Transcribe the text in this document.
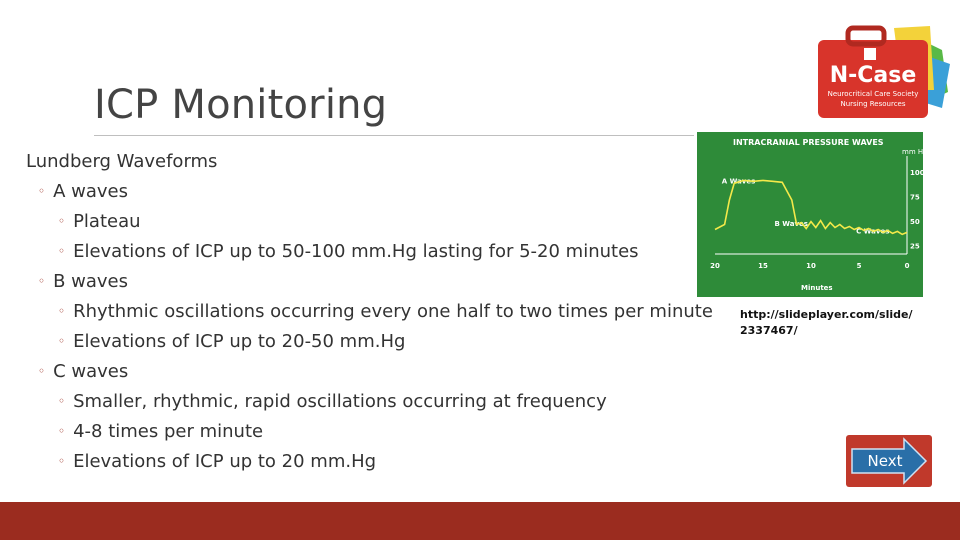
ICP Monitoring
Lundberg Waveforms
◦ A waves
◦ Plateau
◦ Elevations of ICP up to 50-100 mm.Hg lasting for 5-20 minutes
◦ B waves
◦ Rhythmic oscillations occurring every one half to two times per minute
◦ Elevations of ICP up to 20-50 mm.Hg
◦ C waves
◦ Smaller, rhythmic, rapid oscillations occurring at frequency
◦ 4-8 times per minute
◦ Elevations of ICP up to 20 mm.Hg
N-Case
Neurocritical Care Society
Nursing Resources
INTRACRANIAL PRESSURE WAVES
mm Hg
Minutes
20	15	10	5	0
100
75
50
25
A Waves
B Waves
C Waves
http://slideplayer.com/slide/
2337467/
Next
